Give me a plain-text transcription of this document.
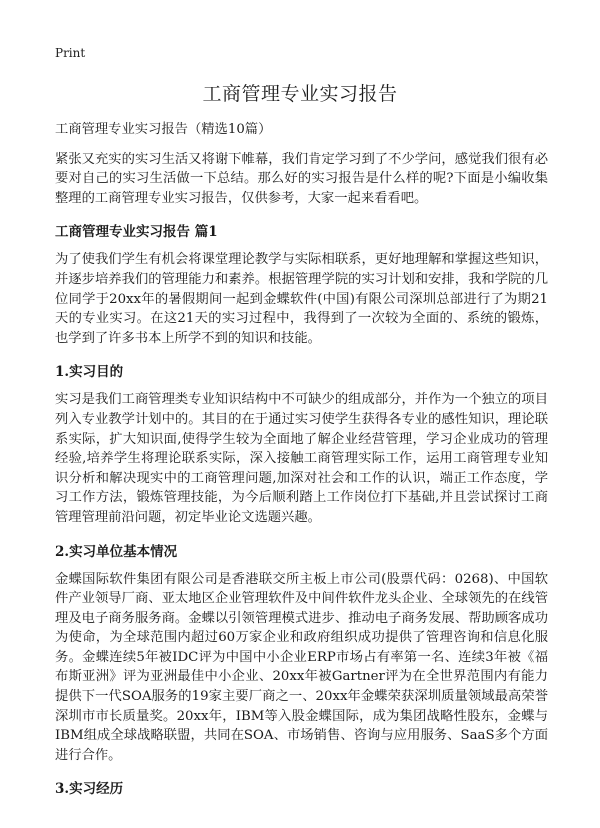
Print
工商管理专业实习报告

工商管理专业实习报告（精选10篇）

紧张又充实的实习生活又将谢下帷幕，我们肯定学习到了不少学问，感觉我们很有必要对自己的实习生活做一下总结。那么好的实习报告是什么样的呢?下面是小编收集整理的工商管理专业实习报告，仅供参考，大家一起来看看吧。

工商管理专业实习报告 篇1

为了使我们学生有机会将课堂理论教学与实际相联系，更好地理解和掌握这些知识，并逐步培养我们的管理能力和素养。根据管理学院的实习计划和安排，我和学院的几位同学于20xx年的暑假期间一起到金蝶软件(中国)有限公司深圳总部进行了为期21天的专业实习。在这21天的实习过程中，我得到了一次较为全面的、系统的锻炼，也学到了许多书本上所学不到的知识和技能。

1.实习目的

实习是我们工商管理类专业知识结构中不可缺少的组成部分，并作为一个独立的项目列入专业教学计划中的。其目的在于通过实习使学生获得各专业的感性知识，理论联系实际，扩大知识面,使得学生较为全面地了解企业经营管理，学习企业成功的管理经验,培养学生将理论联系实际，深入接触工商管理实际工作，运用工商管理专业知识分析和解决现实中的工商管理问题,加深对社会和工作的认识，端正工作态度，学习工作方法，锻炼管理技能，为今后顺利踏上工作岗位打下基础,并且尝试探讨工商管理管理前沿问题，初定毕业论文选题兴趣。

2.实习单位基本情况

金蝶国际软件集团有限公司是香港联交所主板上市公司(股票代码：0268)、中国软件产业领导厂商、亚太地区企业管理软件及中间件软件龙头企业、全球领先的在线管理及电子商务服务商。金蝶以引领管理模式进步、推动电子商务发展、帮助顾客成功为使命，为全球范围内超过60万家企业和政府组织成功提供了管理咨询和信息化服务。金蝶连续5年被IDC评为中国中小企业ERP市场占有率第一名、连续3年被《福布斯亚洲》评为亚洲最佳中小企业、20xx年被Gartner评为在全世界范围内有能力提供下一代SOA服务的19家主要厂商之一、20xx年金蝶荣获深圳质量领域最高荣誉深圳市市长质量奖。20xx年，IBM等入股金蝶国际，成为集团战略性股东，金蝶与IBM组成全球战略联盟，共同在SOA、市场销售、咨询与应用服务、SaaS多个方面进行合作。

3.实习经历
